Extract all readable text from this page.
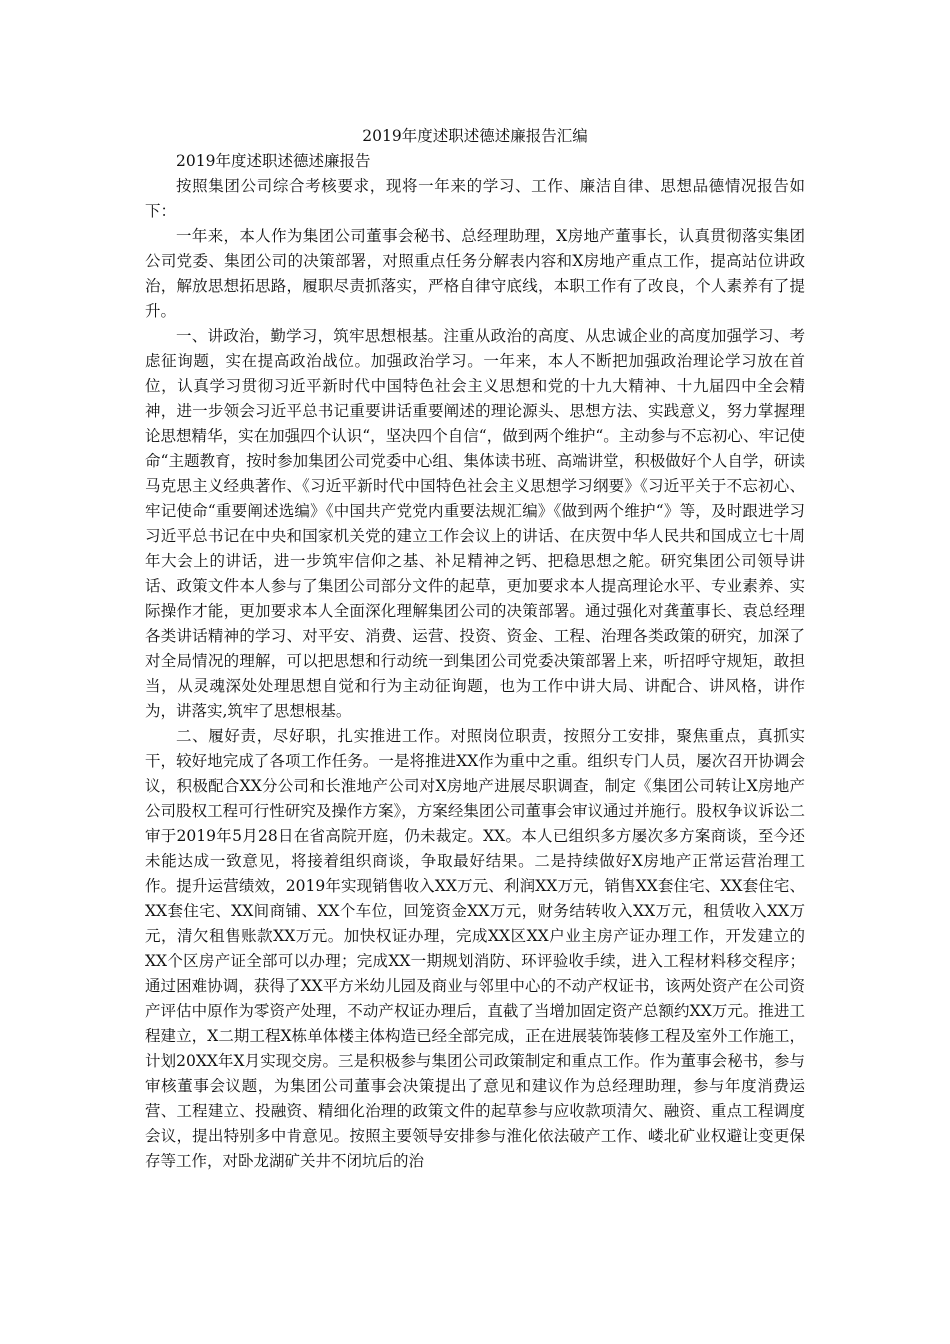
2019年度述职述德述廉报告汇编

2019年度述职述德述廉报告

按照集团公司综合考核要求，现将一年来的学习、工作、廉洁自律、思想品德情况报告如下：

一年来，本人作为集团公司董事会秘书、总经理助理，X房地产董事长，认真贯彻落实集团公司党委、集团公司的决策部署，对照重点任务分解表内容和X房地产重点工作，提高站位讲政治，解放思想拓思路，履职尽责抓落实，严格自律守底线，本职工作有了改良，个人素养有了提升。

一、讲政治，勤学习，筑牢思想根基。注重从政治的高度、从忠诚企业的高度加强学习、考虑征询题，实在提高政治战位。加强政治学习。一年来，本人不断把加强政治理论学习放在首位，认真学习贯彻习近平新时代中国特色社会主义思想和党的十九大精神、十九届四中全会精神，进一步领会习近平总书记重要讲话重要阐述的理论源头、思想方法、实践意义，努力掌握理论思想精华，实在加强四个认识“，坚决四个自信“，做到两个维护“。主动参与不忘初心、牢记使命“主题教育，按时参加集团公司党委中心组、集体读书班、高端讲堂，积极做好个人自学，研读马克思主义经典著作、《习近平新时代中国特色社会主义思想学习纲要》《习近平关于不忘初心、牢记使命“重要阐述选编》《中国共产党党内重要法规汇编》《做到两个维护“》等，及时跟进学习习近平总书记在中央和国家机关党的建立工作会议上的讲话、在庆贺中华人民共和国成立七十周年大会上的讲话，进一步筑牢信仰之基、补足精神之钙、把稳思想之舵。研究集团公司领导讲话、政策文件本人参与了集团公司部分文件的起草，更加要求本人提高理论水平、专业素养、实际操作才能，更加要求本人全面深化理解集团公司的决策部署。通过强化对龚董事长、袁总经理各类讲话精神的学习、对平安、消费、运营、投资、资金、工程、治理各类政策的研究，加深了对全局情况的理解，可以把思想和行动统一到集团公司党委决策部署上来，听招呼守规矩，敢担当，从灵魂深处处理思想自觉和行为主动征询题，也为工作中讲大局、讲配合、讲风格，讲作为，讲落实,筑牢了思想根基。

二、履好责，尽好职，扎实推进工作。对照岗位职责，按照分工安排，聚焦重点，真抓实干，较好地完成了各项工作任务。一是将推进XX作为重中之重。组织专门人员，屡次召开协调会议，积极配合XX分公司和长淮地产公司对X房地产进展尽职调查，制定《集团公司转让X房地产公司股权工程可行性研究及操作方案》，方案经集团公司董事会审议通过并施行。股权争议诉讼二审于2019年5月28日在省高院开庭，仍未裁定。XX。本人已组织多方屡次多方案商谈，至今还未能达成一致意见，将接着组织商谈，争取最好结果。二是持续做好X房地产正常运营治理工作。提升运营绩效，2019年实现销售收入XX万元、利润XX万元，销售XX套住宅、XX套住宅、XX套住宅、XX间商铺、XX个车位，回笼资金XX万元，财务结转收入XX万元，租赁收入XX万元，清欠租售账款XX万元。加快权证办理，完成XX区XX户业主房产证办理工作，开发建立的XX个区房产证全部可以办理；完成XX一期规划消防、环评验收手续，进入工程材料移交程序；通过困难协调，获得了XX平方米幼儿园及商业与邻里中心的不动产权证书，该两处资产在公司资产评估中原作为零资产处理，不动产权证办理后，直截了当增加固定资产总额约XX万元。推进工程建立，X二期工程X栋单体楼主体构造已经全部完成，正在进展装饰装修工程及室外工作施工，计划20XX年X月实现交房。三是积极参与集团公司政策制定和重点工作。作为董事会秘书，参与审核董事会议题，为集团公司董事会决策提出了意见和建议作为总经理助理，参与年度消费运营、工程建立、投融资、精细化治理的政策文件的起草参与应收款项清欠、融资、重点工程调度会议，提出特别多中肯意见。按照主要领导安排参与淮化依法破产工作、嵝北矿业权避让变更保存等工作，对卧龙湖矿关井不闭坑后的治
